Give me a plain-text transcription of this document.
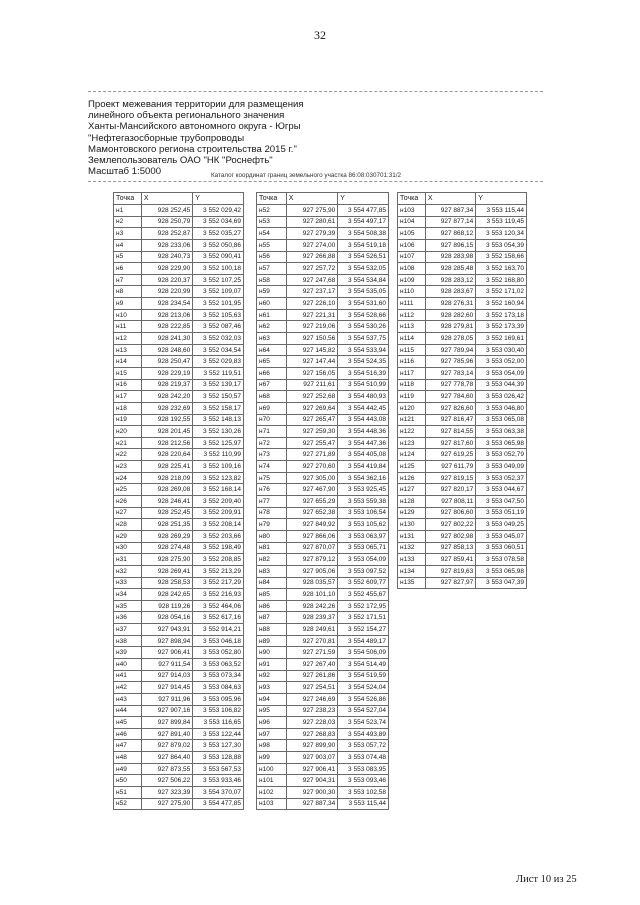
32
Проект межевания территории для размещения
линейного объекта регионального значения
Ханты-Мансийского автономного округа - Югры
"Нефтегазосборные трубопроводы
Мамонтовского региона строительства 2015 г."
Землепользователь ОАО "НК "Роснефть"
Масштаб 1:5000	Каталог координат границ земельного участка 86:08:030701:31/2
Точка	X	Y
н1	928 252,45	3 552 029,42
н2	928 250,79	3 552 034,69
н3	928 252,87	3 552 035,27
н4	928 233,06	3 552 050,86
н5	928 240,73	3 552 090,41
н6	928 229,90	3 552 100,18
н7	928 220,37	3 552 107,25
н8	928 220,99	3 552 109,07
н9	928 234,54	3 552 101,95
н10	928 213,06	3 552 105,63
н11	928 222,85	3 552 087,46
н12	928 241,30	3 552 032,03
н13	928 248,60	3 552 034,54
н14	928 250,47	3 552 029,83
н15	928 229,19	3 552 119,51
н16	928 219,37	3 552 139,17
н17	928 242,20	3 552 150,57
н18	928 232,69	3 552 158,17
н19	928 192,55	3 552 148,13
н20	928 201,45	3 552 130,26
н21	928 212,56	3 552 125,97
н22	928 220,64	3 552 110,99
н23	928 225,41	3 552 109,16
н24	928 218,09	3 552 123,82
н25	928 269,08	3 552 168,14
н26	928 246,41	3 552 209,40
н27	928 252,45	3 552 209,91
н28	928 251,35	3 552 208,14
н29	928 269,29	3 552 203,66
н30	928 274,48	3 552 198,49
н31	928 275,90	3 552 208,85
н32	928 269,41	3 552 213,29
н33	928 258,53	3 552 217,29
н34	928 242,65	3 552 216,93
н35	928 119,26	3 552 464,06
н36	928 054,16	3 552 617,16
н37	927 943,91	3 552 914,21
н38	927 898,94	3 553 046,18
н39	927 906,41	3 553 052,80
н40	927 911,54	3 553 063,52
н41	927 914,03	3 553 073,34
н42	927 914,45	3 553 084,63
н43	927 911,96	3 553 095,96
н44	927 907,16	3 553 106,82
н45	927 899,84	3 553 116,65
н46	927 891,40	3 553 122,44
н47	927 879,02	3 553 127,30
н48	927 864,40	3 553 128,88
н49	927 873,55	3 553 567,53
н50	927 506,22	3 553 933,46
н51	927 323,39	3 554 370,07
н52	927 275,90	3 554 477,85
Точка	X	Y
н52	927 275,90	3 554 477,85
н53	927 280,61	3 554 497,17
н54	927 279,39	3 554 508,38
н55	927 274,00	3 554 519,18
н56	927 266,88	3 554 526,51
н57	927 257,72	3 554 532,05
н58	927 247,68	3 554 534,84
н59	927 237,17	3 554 535,05
н60	927 226,10	3 554 531,60
н61	927 221,31	3 554 528,66
н62	927 219,06	3 554 530,26
н63	927 150,56	3 554 537,75
н64	927 145,82	3 554 533,94
н65	927 147,44	3 554 524,35
н66	927 156,05	3 554 516,39
н67	927 211,61	3 554 510,99
н68	927 252,68	3 554 480,93
н69	927 269,64	3 554 442,45
н70	927 265,47	3 554 443,08
н71	927 259,30	3 554 448,36
н72	927 255,47	3 554 447,36
н73	927 271,89	3 554 405,08
н74	927 270,60	3 554 419,84
н75	927 305,00	3 554 362,16
н76	927 467,90	3 553 925,45
н77	927 655,29	3 553 559,38
н78	927 652,38	3 553 106,54
н79	927 849,92	3 553 105,62
н80	927 866,06	3 553 063,97
н81	927 870,07	3 553 065,71
н82	927 879,12	3 553 054,09
н83	927 905,06	3 553 097,52
н84	928 035,57	3 552 609,77
н85	928 101,10	3 552 455,67
н86	928 242,26	3 552 172,95
н87	928 239,37	3 552 171,51
н88	928 249,61	3 552 154,27
н89	927 270,81	3 554 489,17
н90	927 271,59	3 554 506,09
н91	927 267,40	3 554 514,49
н92	927 261,86	3 554 519,59
н93	927 254,51	3 554 524,04
н94	927 246,69	3 554 526,86
н95	927 238,23	3 554 527,04
н96	927 228,03	3 554 523,74
н97	927 268,83	3 554 493,89
н98	927 899,90	3 553 057,72
н99	927 903,07	3 553 074,48
н100	927 906,41	3 553 083,95
н101	927 904,31	3 553 093,46
н102	927 900,30	3 553 102,58
н103	927 887,34	3 553 115,44
Точка	X	Y
н103	927 887,34	3 553 115,44
н104	927 877,14	3 553 119,45
н105	927 868,12	3 553 120,34
н106	927 896,15	3 553 054,39
н107	928 283,98	3 552 158,66
н108	928 285,48	3 552 163,70
н109	928 283,12	3 552 168,80
н110	928 283,67	3 552 171,02
н111	928 276,31	3 552 160,94
н112	928 282,60	3 552 173,18
н113	928 279,81	3 552 173,39
н114	928 278,05	3 552 169,61
н115	927 789,94	3 553 030,40
н116	927 785,96	3 553 052,00
н117	927 783,14	3 553 054,09
н118	927 778,78	3 553 044,39
н119	927 784,60	3 553 026,42
н120	927 826,60	3 553 046,80
н121	927 816,47	3 553 065,08
н122	927 814,55	3 553 063,38
н123	927 817,60	3 553 065,98
н124	927 619,25	3 553 052,79
н125	927 611,79	3 553 049,09
н126	927 819,15	3 553 052,37
н127	927 820,17	3 553 044,67
н128	927 808,11	3 553 047,50
н129	927 806,60	3 553 051,19
н130	927 802,22	3 553 049,25
н131	927 802,98	3 553 045,07
н132	927 858,13	3 553 060,51
н133	927 859,41	3 553 078,58
н134	927 819,63	3 553 065,98
н135	927 827,97	3 553 047,39
Лист 10 из 25
